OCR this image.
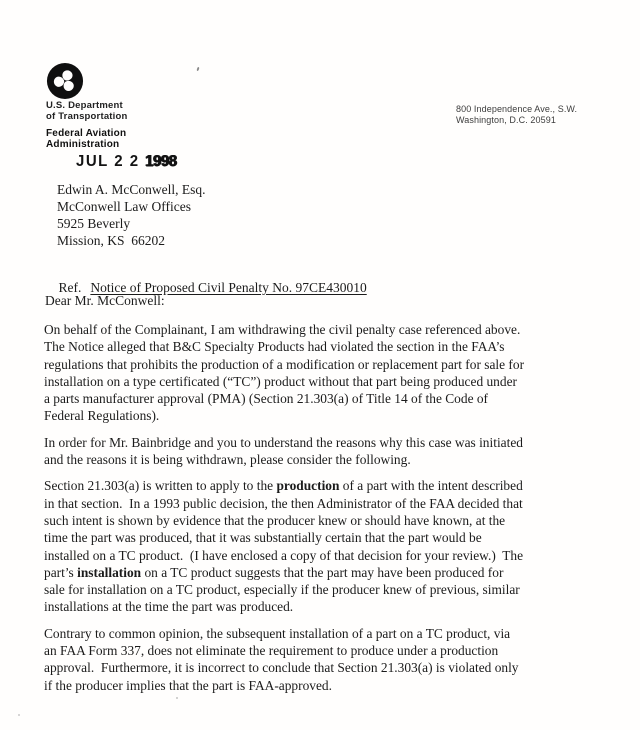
U.S. Department
of Transportation
Federal Aviation
Administration
JUL 2 2 1998
800 Independence Ave., S.W.
Washington, D.C. 20591
Edwin A. McConwell, Esq.
McConwell Law Offices
5925 Beverly
Mission, KS  66202

Ref. Notice of Proposed Civil Penalty No. 97CE430010

Dear Mr. McConwell:
On behalf of the Complainant, I am withdrawing the civil penalty case referenced above.
The Notice alleged that B&C Specialty Products had violated the section in the FAA’s
regulations that prohibits the production of a modification or replacement part for sale for
installation on a type certificated (“TC”) product without that part being produced under
a parts manufacturer approval (PMA) (Section 21.303(a) of Title 14 of the Code of
Federal Regulations).
In order for Mr. Bainbridge and you to understand the reasons why this case was initiated
and the reasons it is being withdrawn, please consider the following.
Section 21.303(a) is written to apply to the production of a part with the intent described
in that section.  In a 1993 public decision, the then Administrator of the FAA decided that
such intent is shown by evidence that the producer knew or should have known, at the
time the part was produced, that it was substantially certain that the part would be
installed on a TC product.  (I have enclosed a copy of that decision for your review.)  The
part’s installation on a TC product suggests that the part may have been produced for
sale for installation on a TC product, especially if the producer knew of previous, similar
installations at the time the part was produced.
Contrary to common opinion, the subsequent installation of a part on a TC product, via
an FAA Form 337, does not eliminate the requirement to produce under a production
approval.  Furthermore, it is incorrect to conclude that Section 21.303(a) is violated only
if the producer implies that the part is FAA-approved.
